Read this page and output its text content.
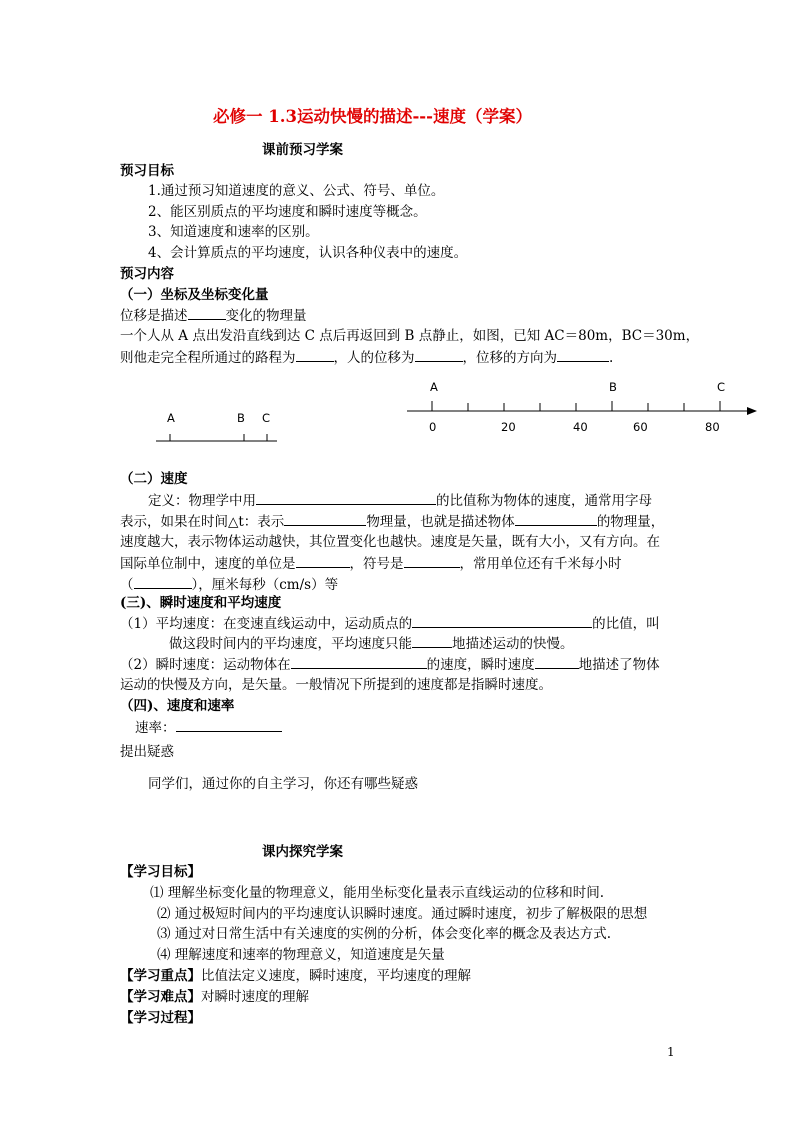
必修一 1.3运动快慢的描述---速度（学案）
课前预习学案
预习目标
1.通过预习知道速度的意义、公式、符号、单位。
2、能区别质点的平均速度和瞬时速度等概念。
3、知道速度和速率的区别。
4、会计算质点的平均速度，认识各种仪表中的速度。
预习内容
（一）坐标及坐标变化量
位移是描述	变化的物理量
一个人从 A 点出发沿直线到达 C 点后再返回到 B 点静止，如图，已知 AC＝80m，BC＝30m，
则他走完全程所通过的路程为	，人的位移为	，位移的方向为	.
A	B C
A	B	C
0	20	40	60	80
（二）速度
定义：物理学中用	的比值称为物体的速度，通常用字母
表示，如果在时间△t：表示	物理量，也就是描述物体	的物理量，
速度越大，表示物体运动越快，其位置变化也越快。速度是矢量，既有大小，又有方向。在
国际单位制中，速度的单位是	，符号是	，常用单位还有千米每小时
（	），厘米每秒（cm/s）等
(三)、瞬时速度和平均速度
（1）平均速度：在变速直线运动中，运动质点的	的比值，叫
做这段时间内的平均速度，平均速度只能	地描述运动的快慢。
（2）瞬时速度：运动物体在	的速度，瞬时速度	地描述了物体
运动的快慢及方向，是矢量。一般情况下所提到的速度都是指瞬时速度。
（四)、速度和速率
速率：
提出疑惑
同学们，通过你的自主学习，你还有哪些疑惑
课内探究学案
【学习目标】
⑴ 理解坐标变化量的物理意义，能用坐标变化量表示直线运动的位移和时间.
⑵ 通过极短时间内的平均速度认识瞬时速度。通过瞬时速度，初步了解极限的思想
⑶ 通过对日常生活中有关速度的实例的分析，体会变化率的概念及表达方式.
⑷ 理解速度和速率的物理意义，知道速度是矢量
【学习重点】比值法定义速度，瞬时速度，平均速度的理解
【学习难点】对瞬时速度的理解
【学习过程】
1
